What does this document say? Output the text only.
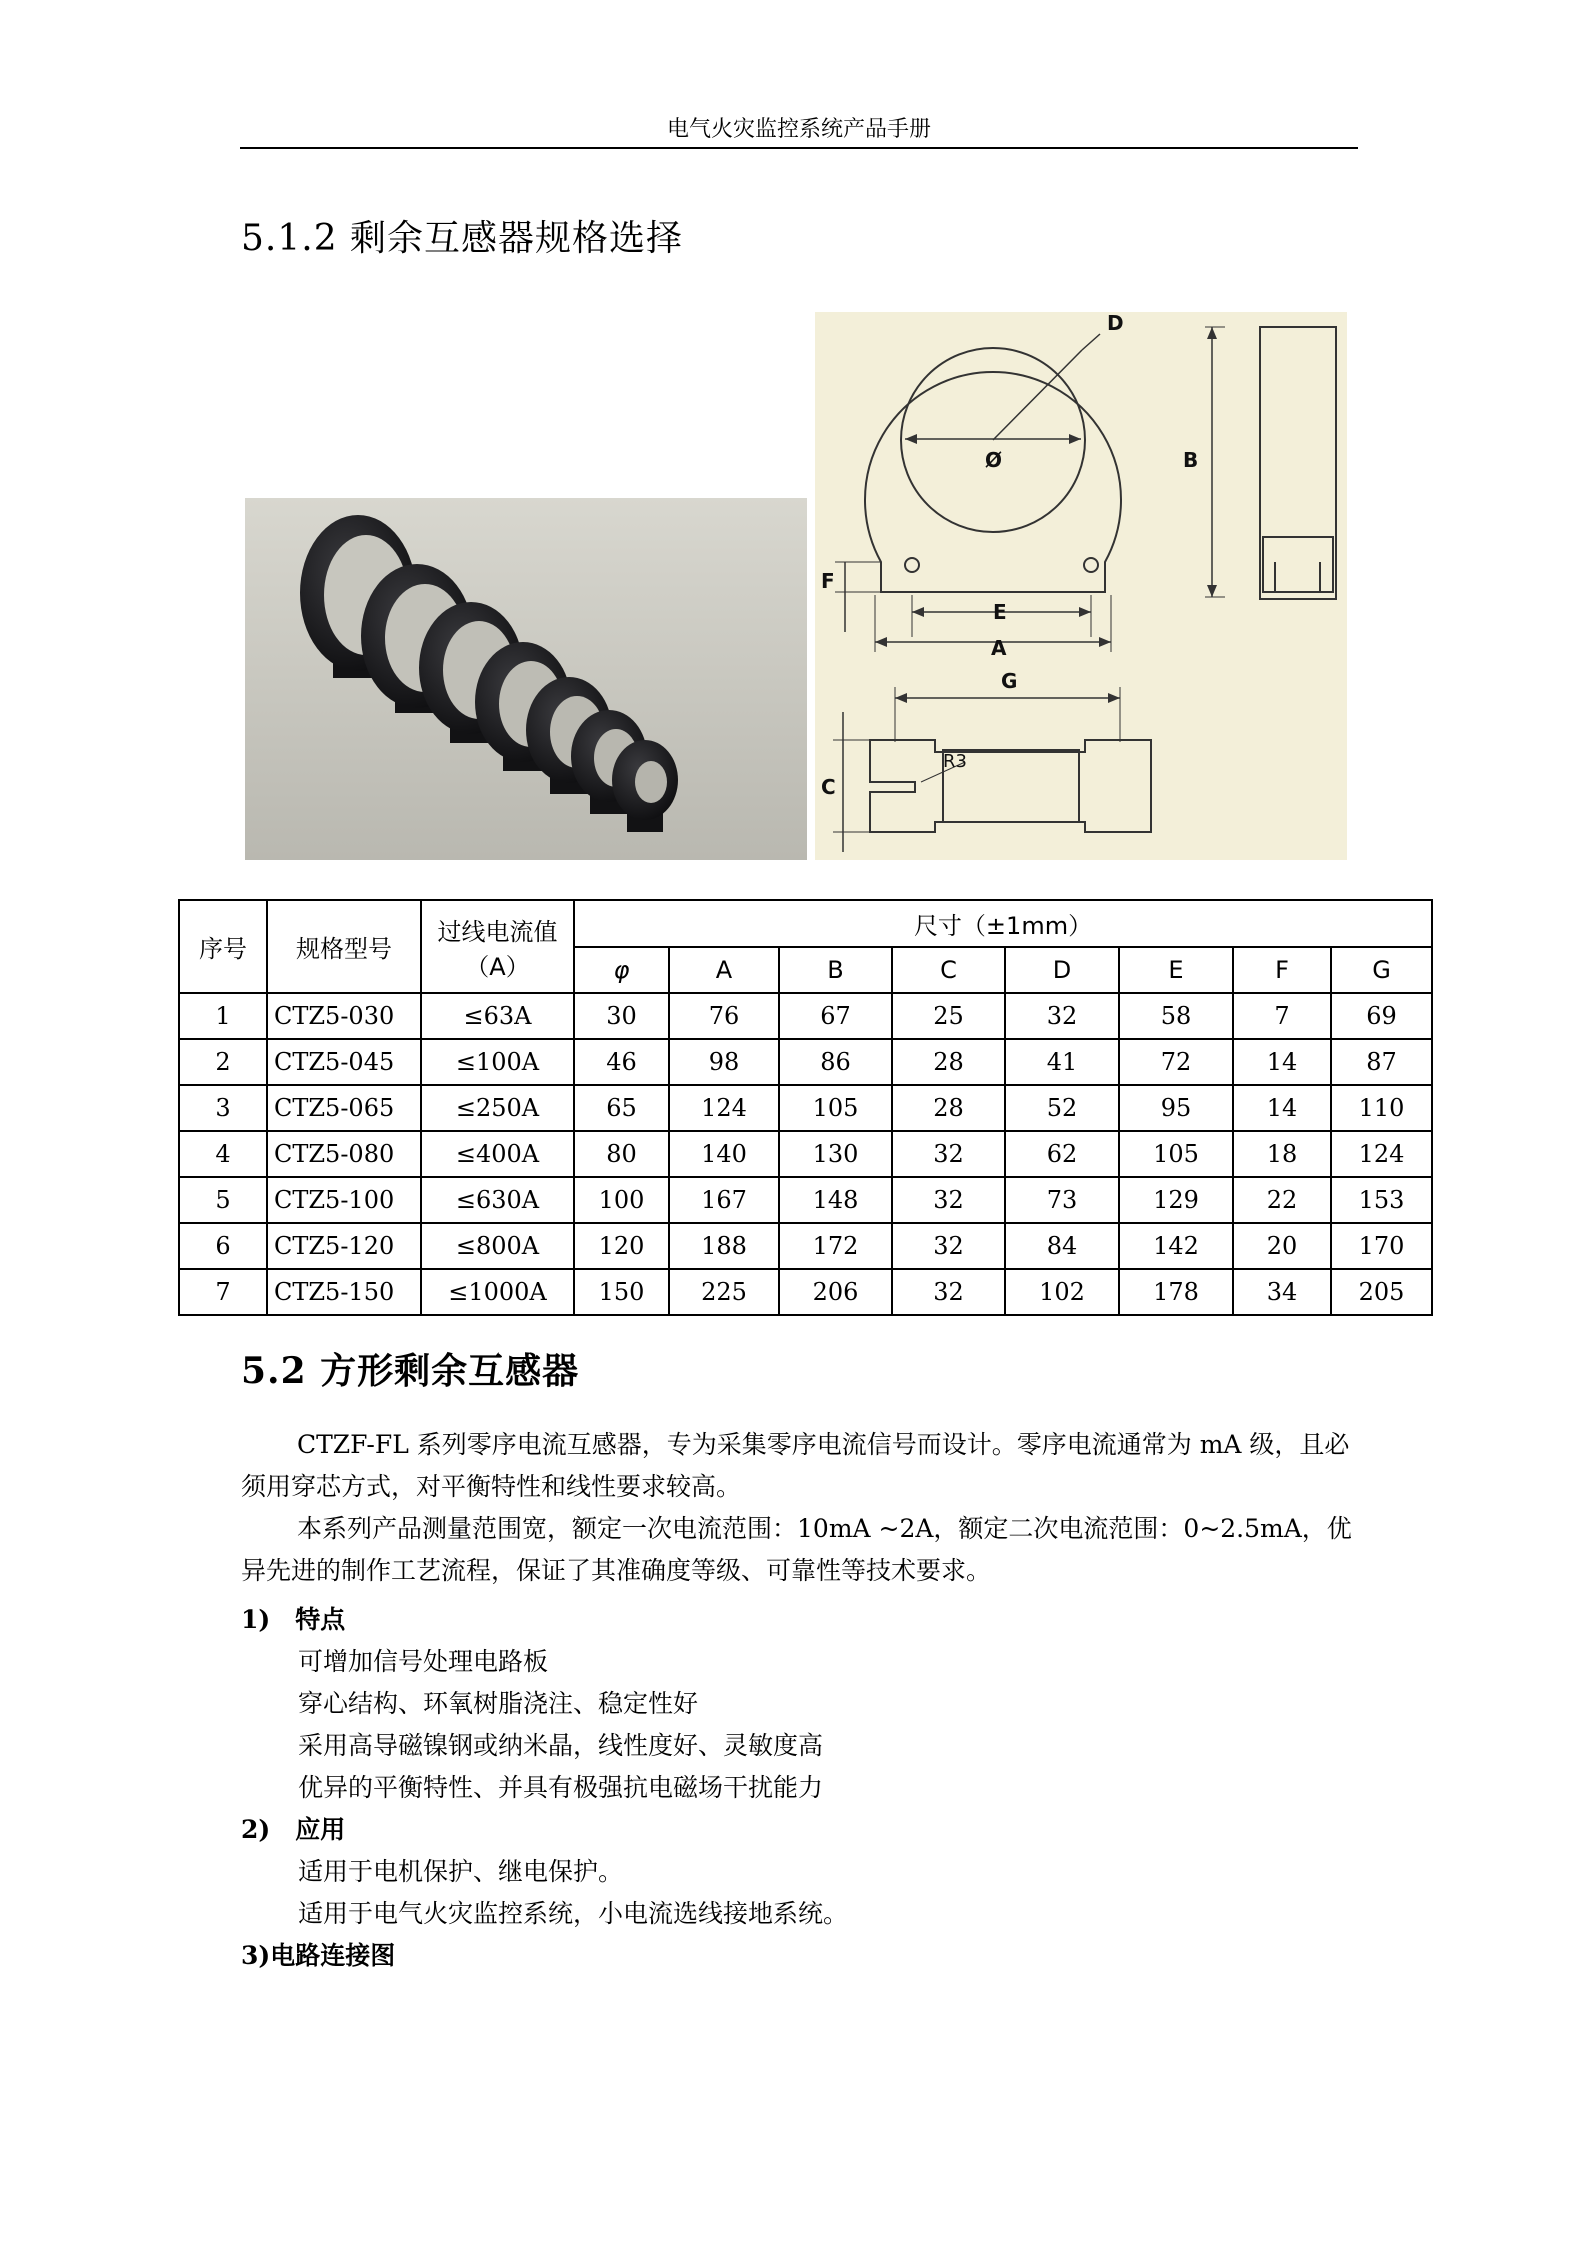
电气火灾监控系统产品手册
5.1.2 剩余互感器规格选择
D
Ø	B
F
E
A
G
C
R3
序号	规格型号	过线电流值（A）	尺寸（±1mm）							
			φ	A	B	C	D	E	F	G
1	CTZ5-030	≤63A	30	76	67	25	32	58	7	69
2	CTZ5-045	≤100A	46	98	86	28	41	72	14	87
3	CTZ5-065	≤250A	65	124	105	28	52	95	14	110
4	CTZ5-080	≤400A	80	140	130	32	62	105	18	124
5	CTZ5-100	≤630A	100	167	148	32	73	129	22	153
6	CTZ5-120	≤800A	120	188	172	32	84	142	20	170
7	CTZ5-150	≤1000A	150	225	206	32	102	178	34	205
5.2 方形剩余互感器
CTZF-FL 系列零序电流互感器，专为采集零序电流信号而设计。零序电流通常为 mA 级，且必须用穿芯方式，对平衡特性和线性要求较高。
本系列产品测量范围宽，额定一次电流范围：10mA ~2A，额定二次电流范围：0~2.5mA，优异先进的制作工艺流程，保证了其准确度等级、可靠性等技术要求。
1)　特点
可增加信号处理电路板
穿心结构、环氧树脂浇注、稳定性好
采用高导磁镍钢或纳米晶，线性度好、灵敏度高
优异的平衡特性、并具有极强抗电磁场干扰能力
2)　应用
适用于电机保护、继电保护。
适用于电气火灾监控系统，小电流选线接地系统。
3)电路连接图
